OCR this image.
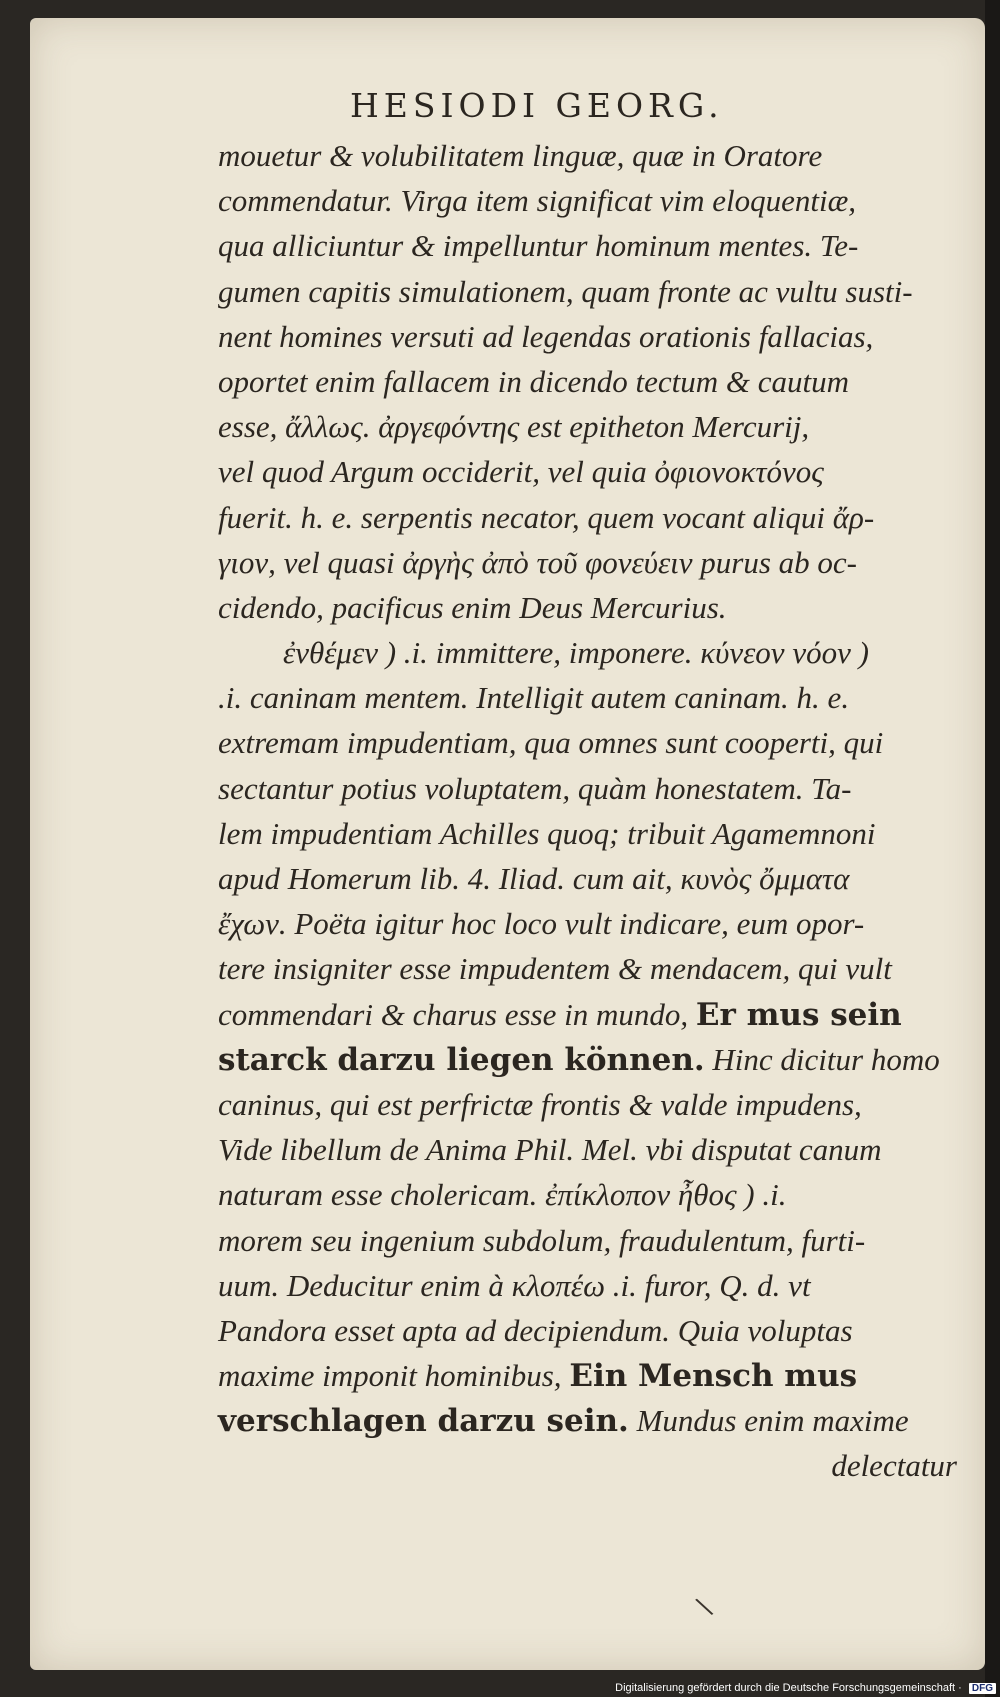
HESIODI GEORG.
mouetur & volubilitatem linguæ, quæ in Oratore
commendatur. Virga item significat vim eloquentiæ,
qua alliciuntur & impelluntur hominum mentes. Te-
gumen capitis simulationem, quam fronte ac vultu susti-
nent homines versuti ad legendas orationis fallacias,
oportet enim fallacem in dicendo tectum & cautum
esse, ἄλλως. ἀργεφόντης est epitheton Mercurij,
vel quod Argum occiderit, vel quia ὀφιονοκτόνος
fuerit. h. e. serpentis necator, quem vocant aliqui ἄρ-
γιον, vel quasi ἀργὴς ἀπὸ τοῦ φονεύειν purus ab oc-
cidendo, pacificus enim Deus Mercurius.
ἐνθέμεν ) .i. immittere, imponere. κύνεον νόον )
.i. caninam mentem. Intelligit autem caninam. h. e.
extremam impudentiam, qua omnes sunt cooperti, qui
sectantur potius voluptatem, quàm honestatem. Ta-
lem impudentiam Achilles quoq; tribuit Agamemnoni
apud Homerum lib. 4. Iliad. cum ait, κυνὸς ὄμματα
ἔχων. Poëta igitur hoc loco vult indicare, eum opor-
tere insigniter esse impudentem & mendacem, qui vult
commendari & charus esse in mundo, Er mus sein
starck darzu liegen können. Hinc dicitur homo
caninus, qui est perfrictæ frontis & valde impudens,
Vide libellum de Anima Phil. Mel. vbi disputat canum
naturam esse cholericam. ἐπίκλοπον ἦθος ) .i.
morem seu ingenium subdolum, fraudulentum, furti-
uum. Deducitur enim à κλοπέω .i. furor, Q. d. vt
Pandora esset apta ad decipiendum. Quia voluptas
maxime imponit hominibus, Ein Mensch mus
verschlagen darzu sein. Mundus enim maxime
delectatur
\
Digitalisierung gefördert durch die Deutsche Forschungsgemeinschaft · DFG
